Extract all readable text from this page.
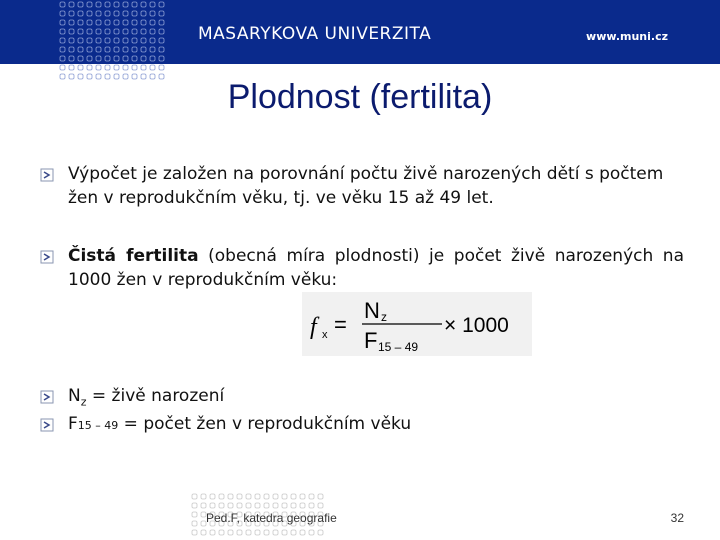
MASARYKOVA UNIVERZITA	www.muni.cz
Plodnost (fertilita)
Výpočet je založen na porovnání počtu živě narozených dětí s počtem žen v reprodukčním věku, tj. ve věku 15 až 49 let.
Čistá fertilita (obecná míra plodnosti) je počet živě narozených na 1000 žen v reprodukčním věku:
f x =
N z
F 15 – 49
× 1000
$N_z$ = živě narození
F15 – 49 = počet žen v reprodukčním věku
Ped.F, katedra geografie	32
